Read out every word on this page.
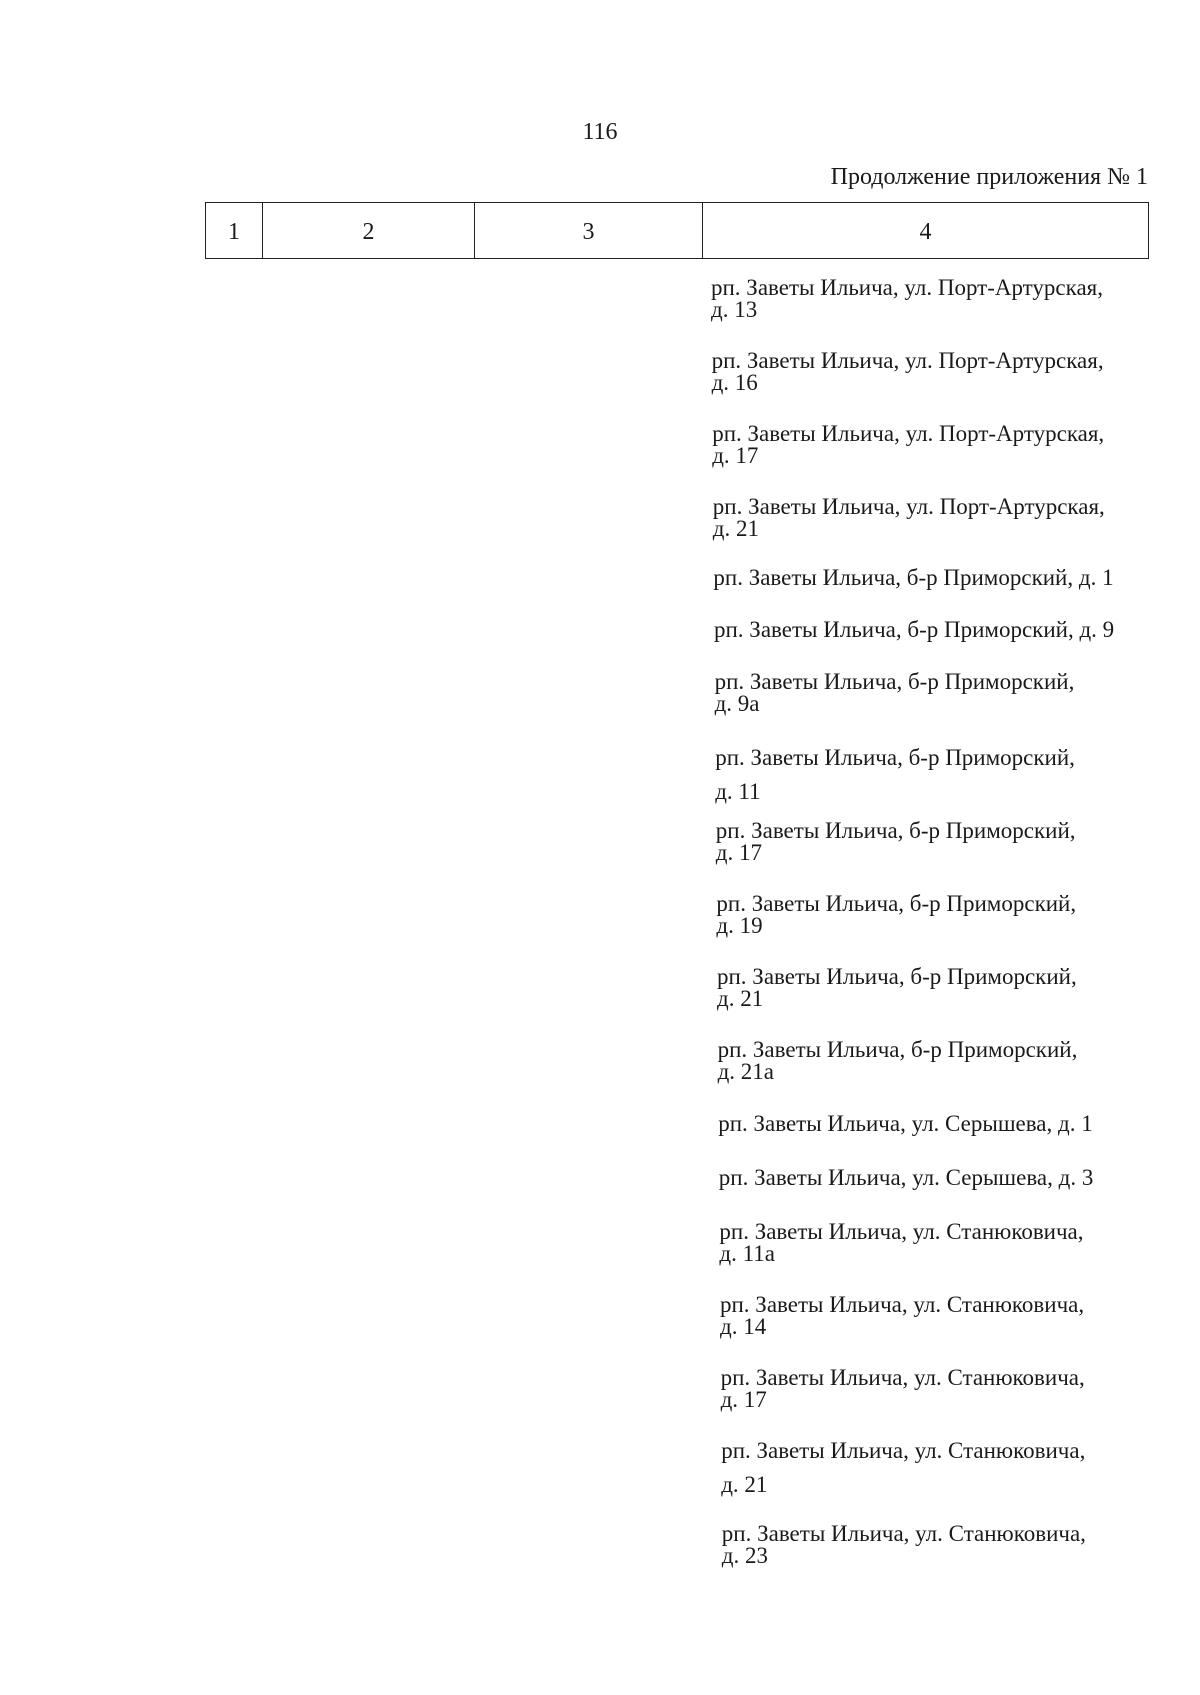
116
Продолжение приложения № 1
1	2	3	4
рп. Заветы Ильича, ул. Порт-Артурская,
д. 13
рп. Заветы Ильича, ул. Порт-Артурская,
д. 16
рп. Заветы Ильича, ул. Порт-Артурская,
д. 17
рп. Заветы Ильича, ул. Порт-Артурская,
д. 21
рп. Заветы Ильича, б-р Приморский, д. 1
рп. Заветы Ильича, б-р Приморский, д. 9
рп. Заветы Ильича, б-р Приморский,
д. 9а
рп. Заветы Ильича, б-р Приморский,
д. 11
рп. Заветы Ильича, б-р Приморский,
д. 17
рп. Заветы Ильича, б-р Приморский,
д. 19
рп. Заветы Ильича, б-р Приморский,
д. 21
рп. Заветы Ильича, б-р Приморский,
д. 21а
рп. Заветы Ильича, ул. Серышева, д. 1
рп. Заветы Ильича, ул. Серышева, д. 3
рп. Заветы Ильича, ул. Станюковича,
д. 11а
рп. Заветы Ильича, ул. Станюковича,
д. 14
рп. Заветы Ильича, ул. Станюковича,
д. 17
рп. Заветы Ильича, ул. Станюковича,
д. 21
рп. Заветы Ильича, ул. Станюковича,
д. 23
